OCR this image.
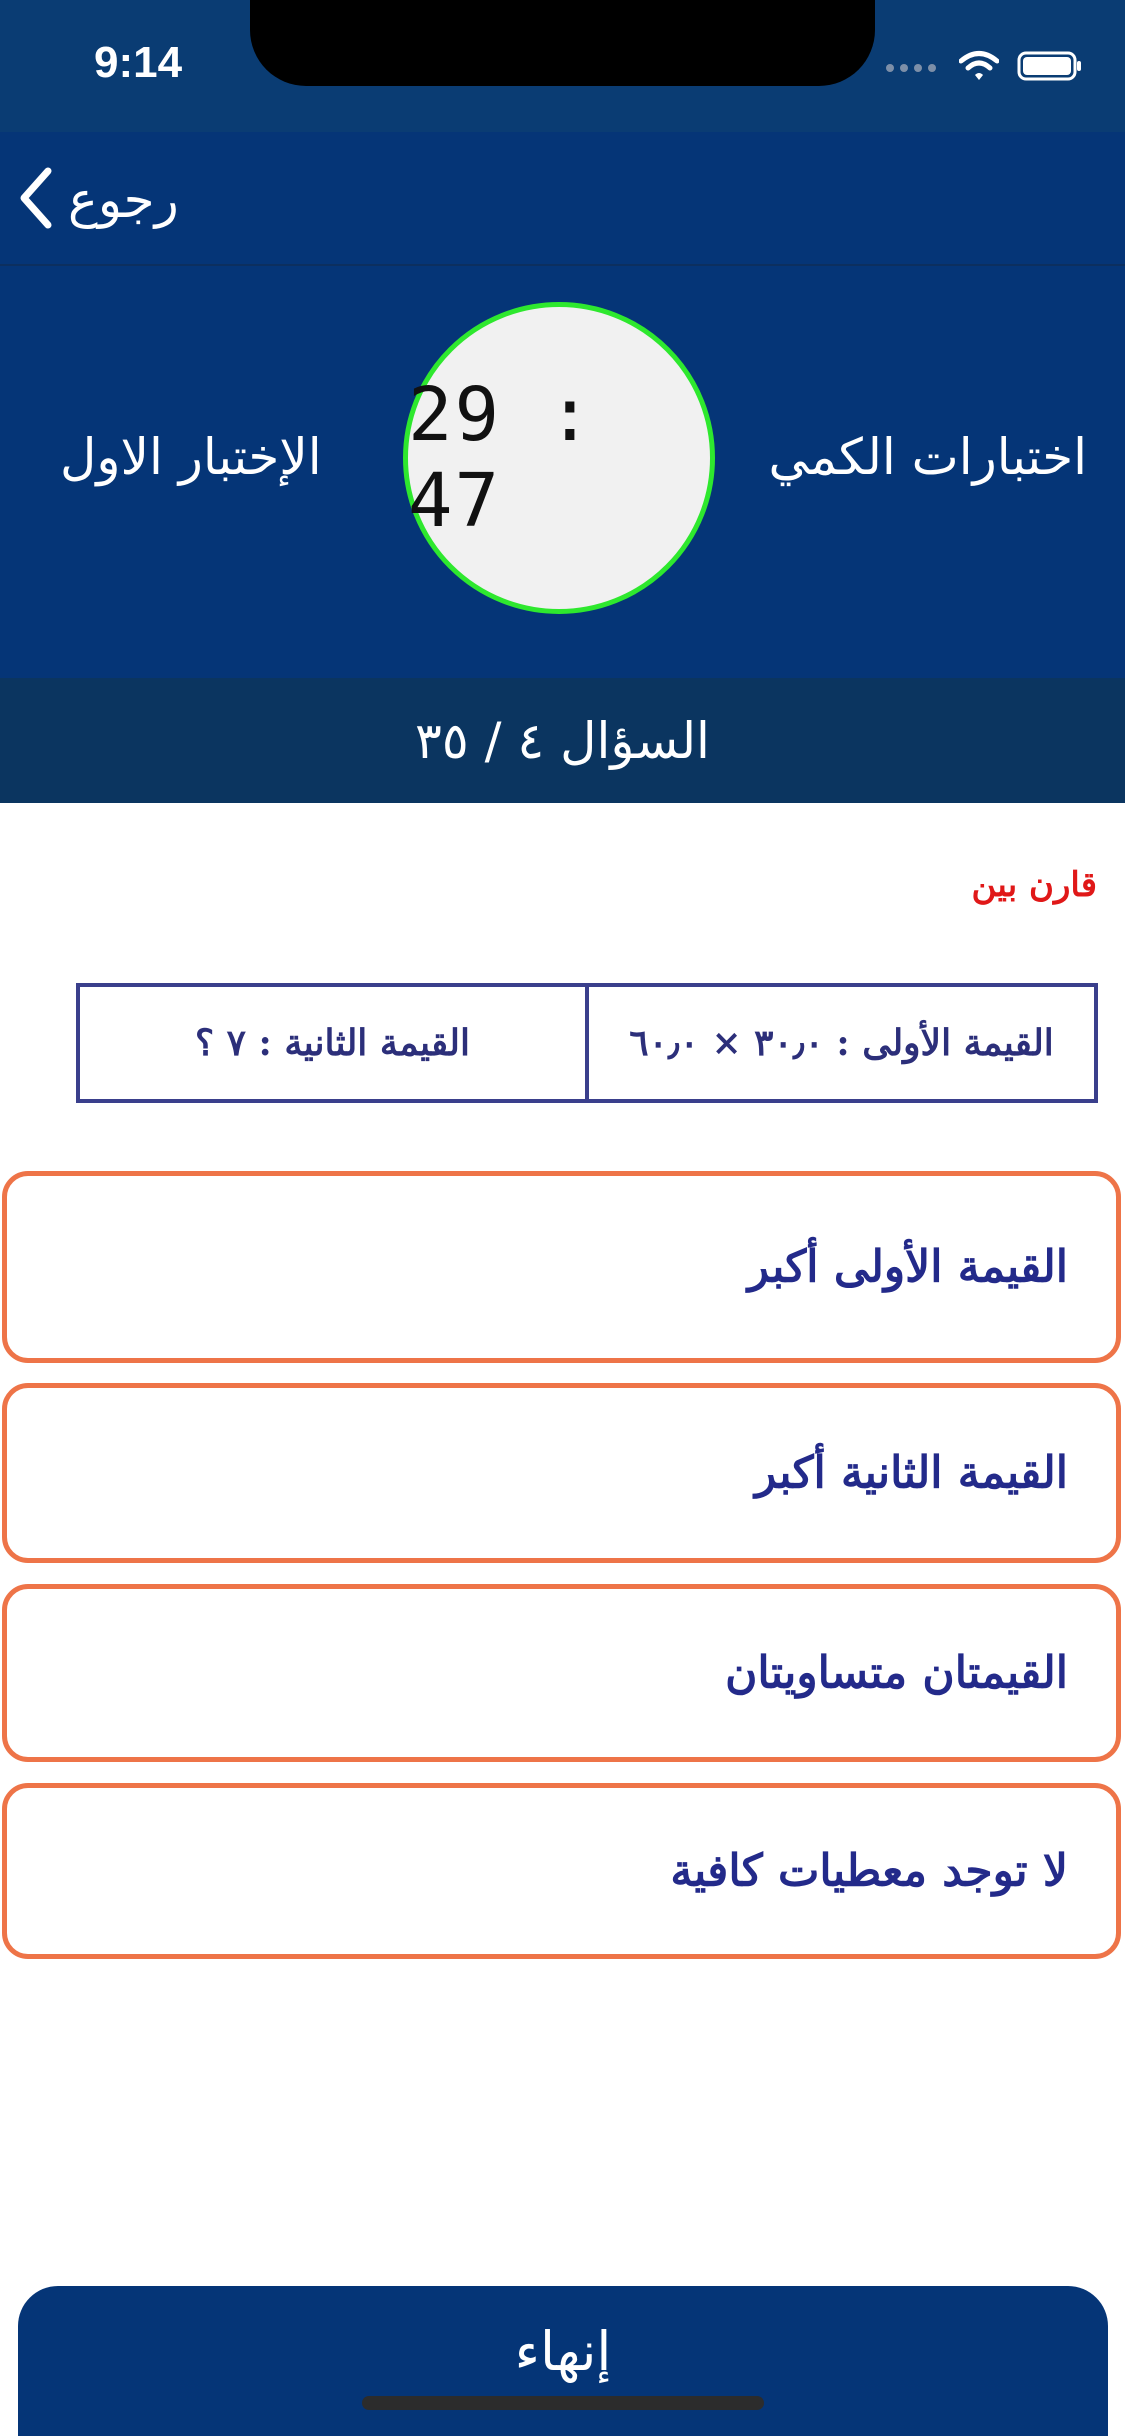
9:14
رجوع
اختبارات الكمي
29 : 47
الإختبار الاول
السؤال ٤ / ٣٥
قارن بين
القيمة الثانية : ٧ ؟	القيمة الأولى : ٣٠٫٠ × ٦٠٫٠
القيمة الأولى أكبر
القيمة الثانية أكبر
القيمتان متساويتان
لا توجد معطيات كافية
إنهاء
